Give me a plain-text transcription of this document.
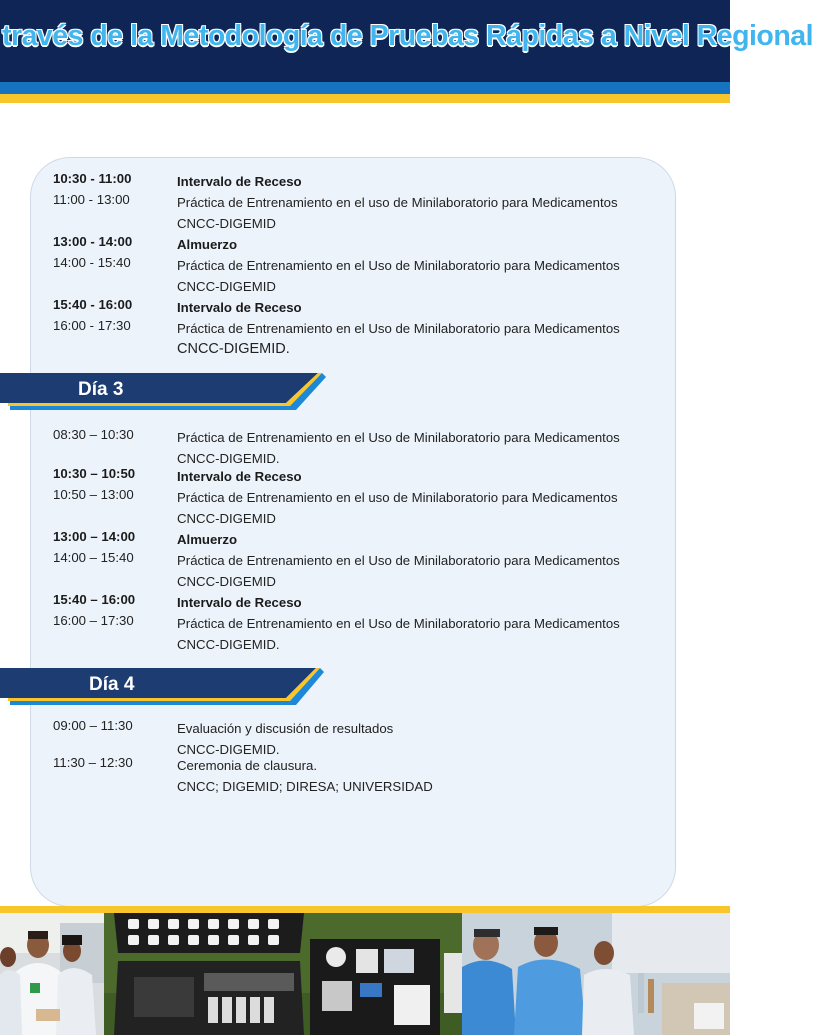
través de la Metodología de Pruebas Rápidas a Nivel Regional
10:30 - 11:00	Intervalo de Receso
11:00 - 13:00	Práctica de Entrenamiento en el uso de Minilaboratorio para Medicamentos
CNCC-DIGEMID
13:00 - 14:00	Almuerzo
14:00 - 15:40	Práctica de Entrenamiento en el Uso de Minilaboratorio para Medicamentos
CNCC-DIGEMID
15:40 - 16:00	Intervalo de Receso
16:00 - 17:30	Práctica de Entrenamiento en el Uso de Minilaboratorio para Medicamentos
CNCC-DIGEMID.
Día 3
08:30 – 10:30	Práctica de Entrenamiento en el Uso de Minilaboratorio para Medicamentos
CNCC-DIGEMID.
10:30 – 10:50	Intervalo de Receso
10:50 – 13:00	Práctica de Entrenamiento en el uso de Minilaboratorio para Medicamentos
CNCC-DIGEMID
13:00 – 14:00	Almuerzo
14:00 – 15:40	Práctica de Entrenamiento en el Uso de Minilaboratorio para Medicamentos
CNCC-DIGEMID
15:40 – 16:00	Intervalo de Receso
16:00 – 17:30	Práctica de Entrenamiento en el Uso de Minilaboratorio para Medicamentos
CNCC-DIGEMID.
Día 4
09:00 – 11:30	Evaluación y discusión de resultados
CNCC-DIGEMID.
11:30 – 12:30	Ceremonia de clausura.
CNCC; DIGEMID; DIRESA; UNIVERSIDAD
